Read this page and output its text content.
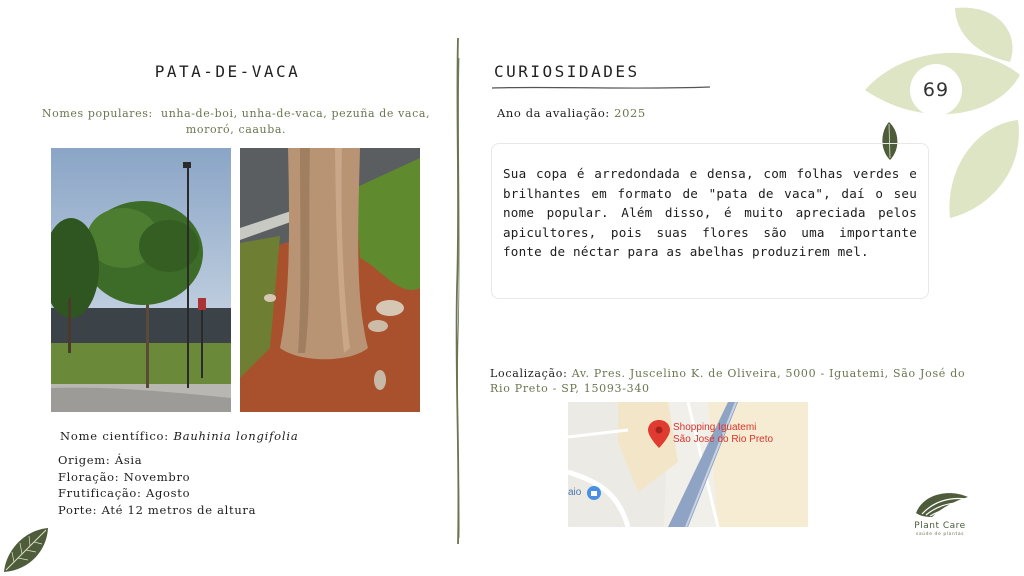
69
PATA-DE-VACA
Nomes populares: unha-de-boi, unha-de-vaca, pezuña de vaca, mororó, caauba.
Nome científico: Bauhinia longifolia
Origem: Ásia
Floração: Novembro
Frutificação: Agosto
Porte: Até 12 metros de altura
CURIOSIDADES
Ano da avaliação: 2025

Sua copa é arredondada e densa, com folhas verdes e brilhantes em formato de "pata de vaca", daí o seu nome popular. Além disso, é muito apreciada pelos apicultores, pois suas flores são uma importante fonte de néctar para as abelhas produzirem mel.

Localização: Av. Pres. Juscelino K. de Oliveira, 5000 - Iguatemi, São José do Rio Preto - SP, 15093-340
Shopping Iguatemi
São José do Rio Preto
aio
Plant Care
saúde de plantas
